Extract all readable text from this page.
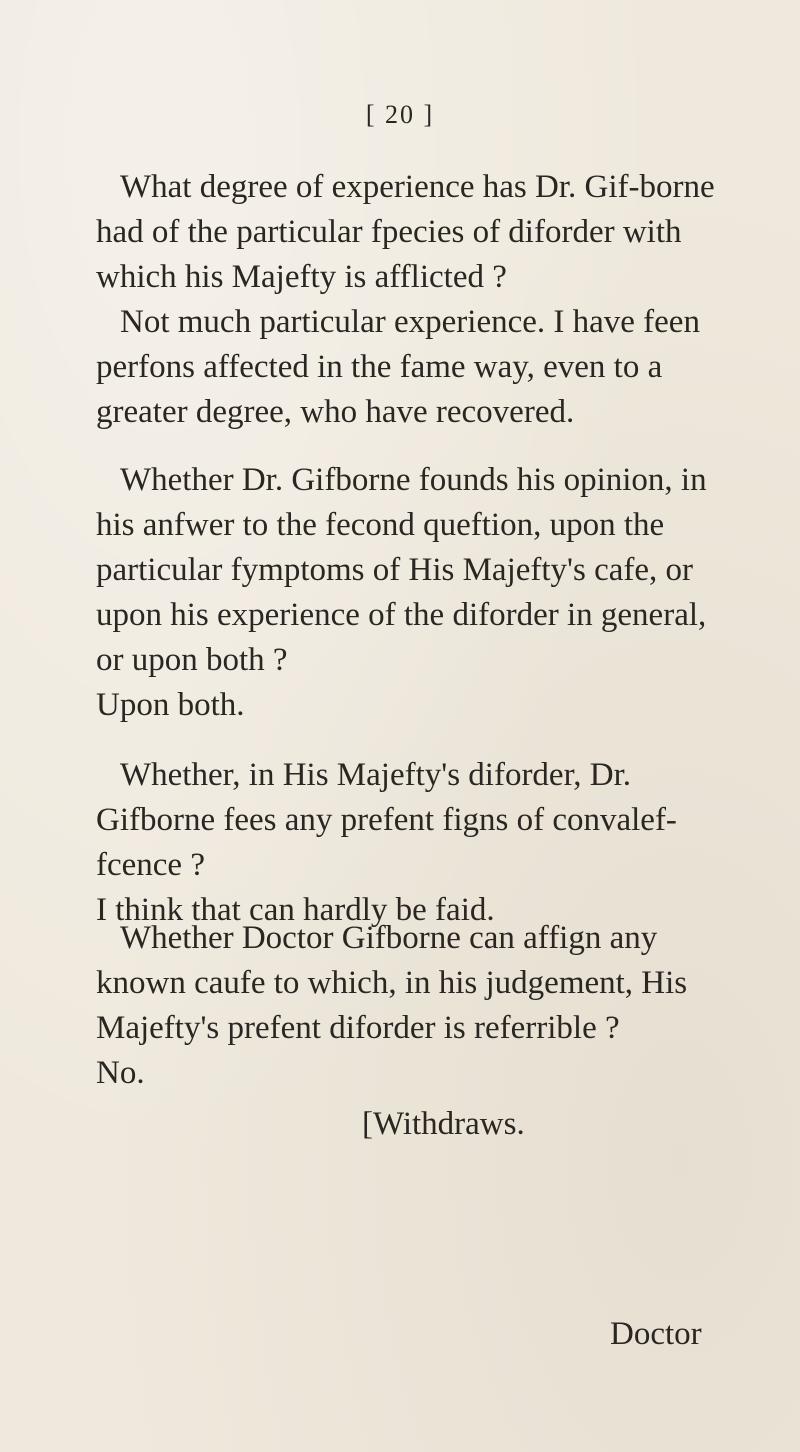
[ 20 ]

What degree of experience has Dr. Gif-borne had of the particular fpecies of diforder with which his Majefty is afflicted ?

Not much particular experience. I have feen perfons affected in the fame way, even to a greater degree, who have recovered.

Whether Dr. Gifborne founds his opinion, in his anfwer to the fecond queftion, upon the particular fymptoms of His Majefty's cafe, or upon his experience of the diforder in general, or upon both ?

Upon both.

Whether, in His Majefty's diforder, Dr. Gifborne fees any prefent figns of convalef-fcence ?

I think that can hardly be faid.

Whether Doctor Gifborne can affign any known caufe to which, in his judgement, His Majefty's prefent diforder is referrible ?

No.

[Withdraws.
Doctor
